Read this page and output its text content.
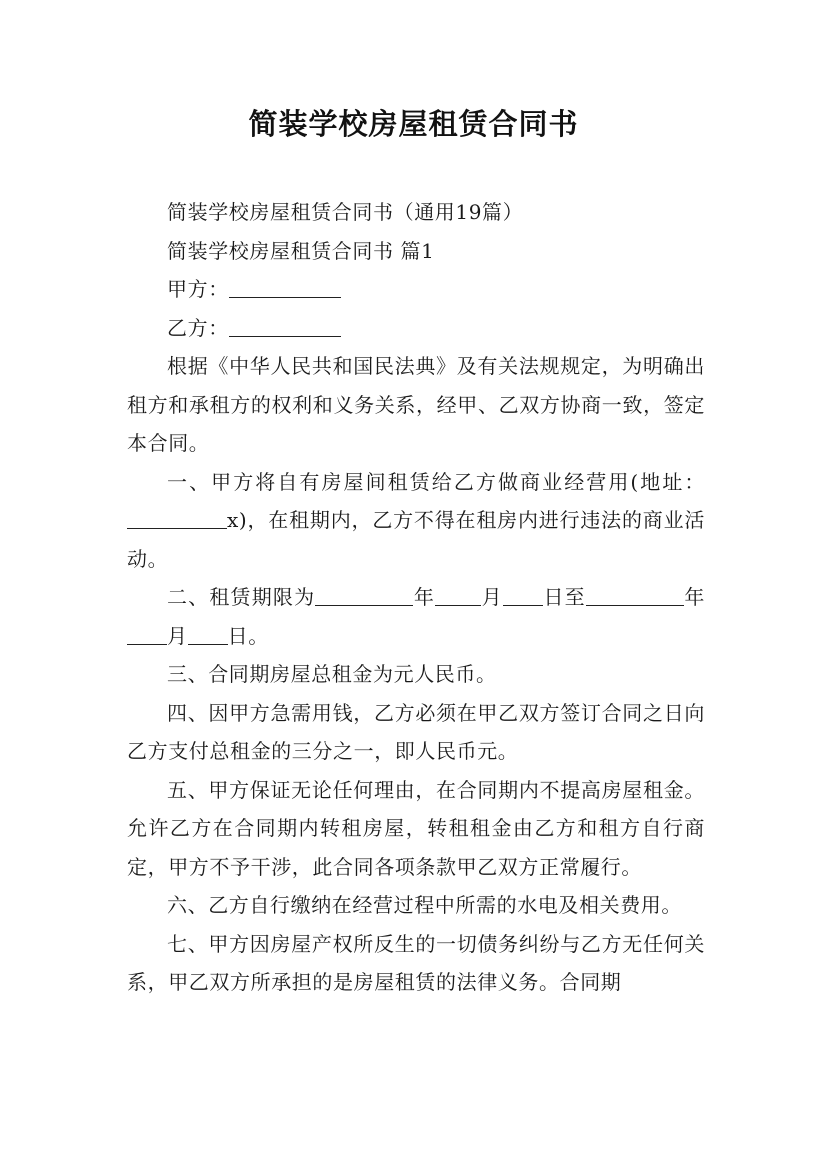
简装学校房屋租赁合同书

简装学校房屋租赁合同书（通用19篇）

简装学校房屋租赁合同书 篇1

甲方：

乙方：

根据《中华人民共和国民法典》及有关法规规定，为明确出租方和承租方的权利和义务关系，经甲、乙双方协商一致，签定本合同。

一、甲方将自有房屋间租赁给乙方做商业经营用(地址：x)，在租期内，乙方不得在租房内进行违法的商业活动。

二、租赁期限为	年 月 日至	年月 日。

三、合同期房屋总租金为元人民币。

四、因甲方急需用钱，乙方必须在甲乙双方签订合同之日向乙方支付总租金的三分之一，即人民币元。

五、甲方保证无论任何理由，在合同期内不提高房屋租金。允许乙方在合同期内转租房屋，转租租金由乙方和租方自行商定，甲方不予干涉，此合同各项条款甲乙双方正常履行。

六、乙方自行缴纳在经营过程中所需的水电及相关费用。

七、甲方因房屋产权所反生的一切债务纠纷与乙方无任何关系，甲乙双方所承担的是房屋租赁的法律义务。合同期
